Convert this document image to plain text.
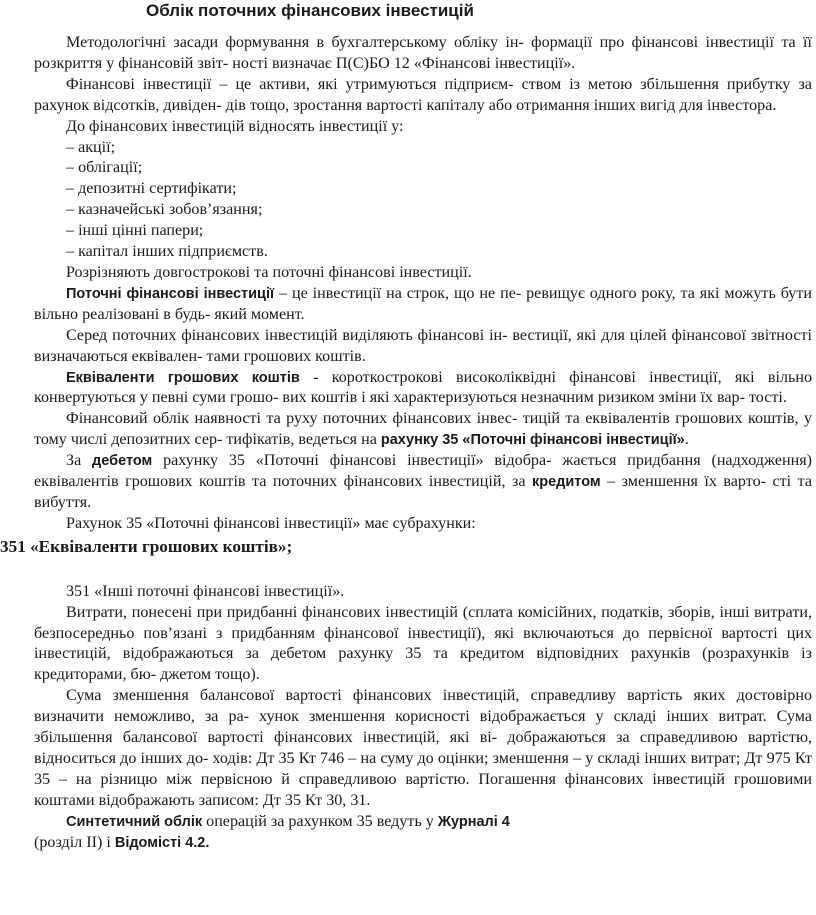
Облік поточних фінансових інвестицій

Методологічні засади формування в бухгалтерському обліку ін- формації про фінансові інвестиції та її розкриття у фінансовій звіт- ності визначає П(С)БО 12 «Фінансові інвестиції».

Фінансові інвестиції – це активи, які утримуються підприєм- ством із метою збільшення прибутку за рахунок відсотків, дивіден- дів тощо, зростання вартості капіталу або отримання інших вигід для інвестора.

До фінансових інвестицій відносять інвестиції у:

– акції;
– облігації;
– депозитні сертифікати;
– казначейські зобов’язання;
– інші цінні папери;
– капітал інших підприємств.

Розрізняють довгострокові та поточні фінансові інвестиції.

Поточні фінансові інвестиції – це інвестиції на строк, що не пе- ревищує одного року, та які можуть бути вільно реалізовані в будь- який момент.

Серед поточних фінансових інвестицій виділяють фінансові ін- вестиції, які для цілей фінансової звітності визначаються еквівален- тами грошових коштів.

Еквіваленти грошових коштів - короткострокові високоліквідні фінансові інвестиції, які вільно конвертуються у певні суми грошо- вих коштів і які характеризуються незначним ризиком зміни їх вар- тості.

Фінансовий облік наявності та руху поточних фінансових інвес- тицій та еквівалентів грошових коштів, у тому числі депозитних сер- тифікатів, ведеться на рахунку 35 «Поточні фінансові інвестиції».

За дебетом рахунку 35 «Поточні фінансові інвестиції» відобра- жається придбання (надходження) еквівалентів грошових коштів та поточних фінансових інвестицій, за кредитом – зменшення їх варто- сті та вибуття.

Рахунок 35 «Поточні фінансові інвестиції» має субрахунки:

351 «Еквіваленти грошових коштів»;

351 «Інші поточні фінансові інвестиції».

Витрати, понесені при придбанні фінансових інвестицій (сплата комісійних, податків, зборів, інші витрати, безпосередньо пов’язані з придбанням фінансової інвестиції), які включаються до первісної вартості цих інвестицій, відображаються за дебетом рахунку 35 та кредитом відповідних рахунків (розрахунків із кредиторами, бю- джетом тощо).

Сума зменшення балансової вартості фінансових інвестицій, справедливу вартість яких достовірно визначити неможливо, за ра- хунок зменшення корисності відображається у складі інших витрат. Сума збільшення балансової вартості фінансових інвестицій, які ві- дображаються за справедливою вартістю, відноситься до інших до- ходів: Дт 35 Кт 746 – на суму до оцінки; зменшення – у складі інших витрат; Дт 975 Кт 35 – на різницю між первісною й справедливою вартістю. Погашення фінансових інвестицій грошовими коштами відображають записом: Дт 35 Кт 30, 31.

Синтетичний облік операцій за рахунком 35 ведуть у Журналі 4

(розділ II) і Відомісті 4.2.
